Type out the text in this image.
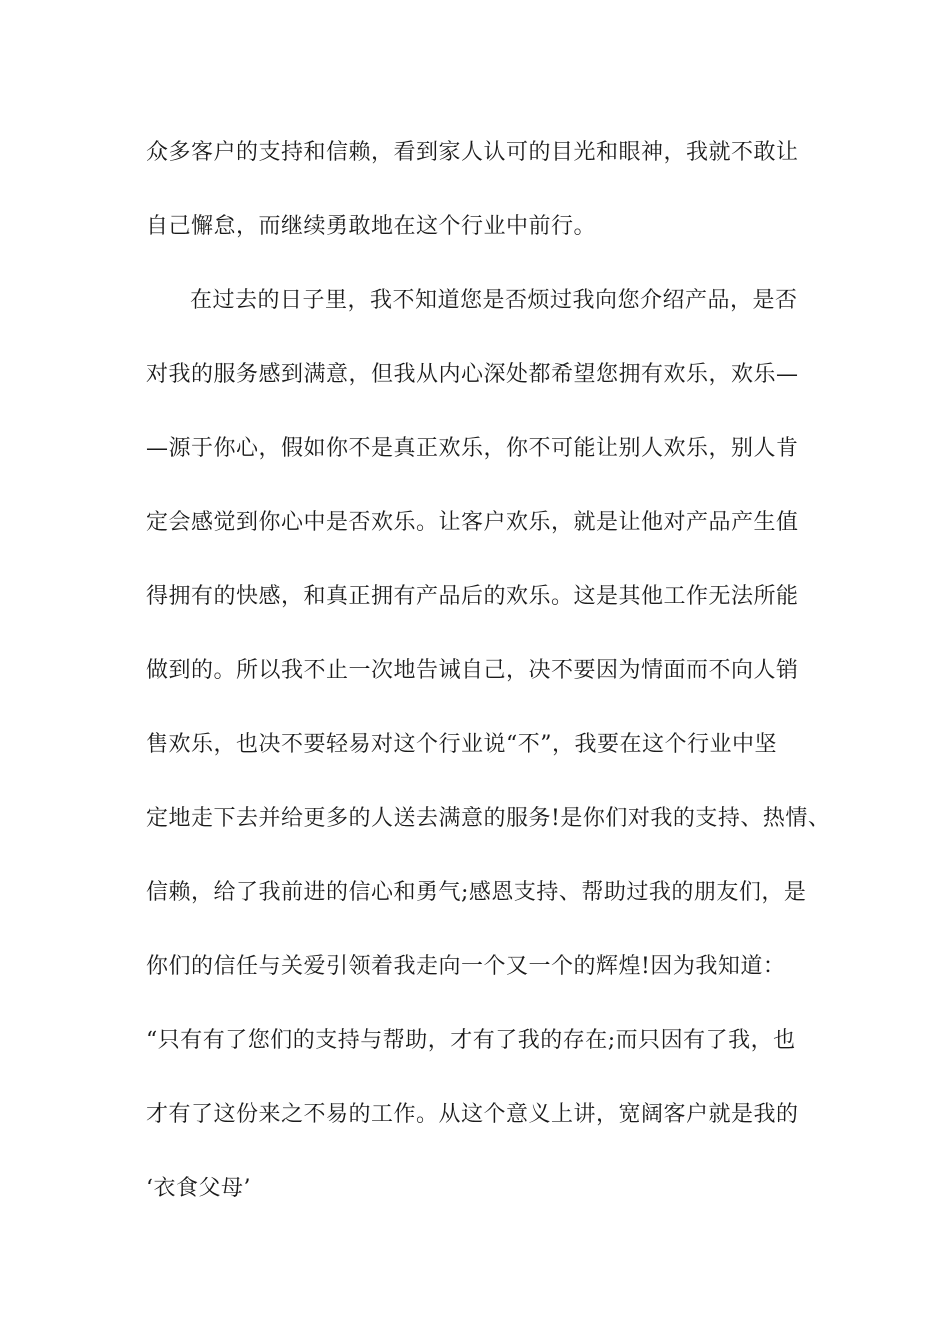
众多客户的支持和信赖，看到家人认可的目光和眼神，我就不敢让
自己懈怠，而继续勇敢地在这个行业中前行。
在过去的日子里，我不知道您是否烦过我向您介绍产品，是否
对我的服务感到满意，但我从内心深处都希望您拥有欢乐，欢乐—
—源于你心，假如你不是真正欢乐，你不可能让别人欢乐，别人肯
定会感觉到你心中是否欢乐。让客户欢乐，就是让他对产品产生值
得拥有的快感，和真正拥有产品后的欢乐。这是其他工作无法所能
做到的。所以我不止一次地告诫自己，决不要因为情面而不向人销
售欢乐，也决不要轻易对这个行业说“不”，我要在这个行业中坚
定地走下去并给更多的人送去满意的服务!是你们对我的支持、热情、
信赖，给了我前进的信心和勇气;感恩支持、帮助过我的朋友们，是
你们的信任与关爱引领着我走向一个又一个的辉煌!因为我知道：
“只有有了您们的支持与帮助，才有了我的存在;而只因有了我，也
才有了这份来之不易的工作。从这个意义上讲，宽阔客户就是我的
‘衣食父母’
